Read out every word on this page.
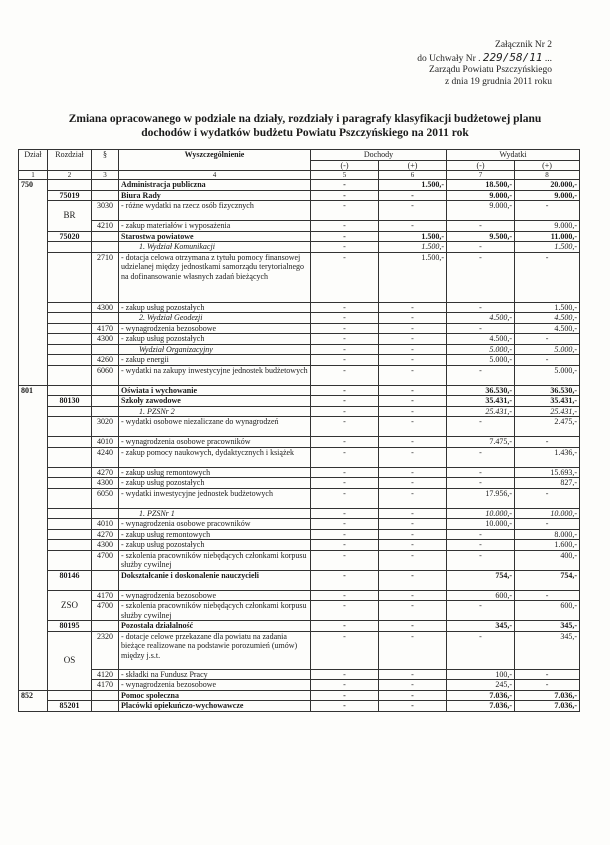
Załącznik Nr 2
do Uchwały Nr . 229/58/11 ...
Zarządu Powiatu Pszczyńskiego
z dnia 19 grudnia 2011 roku
Zmiana opracowanego w podziale na działy, rozdziały i paragrafy klasyfikacji budżetowej planu
dochodów i wydatków budżetu Powiatu Pszczyńskiego na 2011 rok
Dział	Rozdział	§	Wyszczególnienie	Dochody		Wydatki	
				(-)	(+)	(-)	(+)
1	2	3	4	5	6	7	8
750			Administracja publiczna	-	1.500,-	18.500,-	20.000,-
	75019		Biura Rady	-	-	9.000,-	9.000,-
	BR	3030	- różne wydatki na rzecz osób fizycznych	-	-	9.000,-	-
		4210	- zakup materiałów i wyposażenia	-	-	-	9.000,-
	75020		Starostwa powiatowe	-	1.500,-	9.500,-	11.000,-
			1. Wydział Komunikacji	-	1.500,-	-	1.500,-
		2710	- dotacja celowa otrzymana z tytułu pomocy finansowej udzielanej między jednostkami samorządu terytorialnego na dofinansowanie własnych zadań bieżących	-	1.500,-	-	-
		4300	- zakup usług pozostałych	-	-	-	1.500,-
			2. Wydział Geodezji	-	-	4.500,-	4.500,-
		4170	- wynagrodzenia bezosobowe	-	-	-	4.500,-
		4300	- zakup usług pozostałych	-	-	4.500,-	-
			Wydział Organizacyjny	-	-	5.000,-	5.000,-
		4260	- zakup energii	-	-	5.000,-	-
		6060	- wydatki na zakupy inwestycyjne jednostek budżetowych	-	-	-	5.000,-
801			Oświata i wychowanie	-	-	36.530,-	36.530,-
	80130		Szkoły zawodowe	-	-	35.431,-	35.431,-
			1. PZSNr 2	-	-	25.431,-	25.431,-
		3020	- wydatki osobowe niezaliczane do wynagrodzeń	-	-	-	2.475,-
		4010	- wynagrodzenia osobowe pracowników	-	-	7.475,-	-
		4240	- zakup pomocy naukowych, dydaktycznych i książek	-	-	-	1.436,-
		4270	- zakup usług remontowych	-	-	-	15.693,-
		4300	- zakup usług pozostałych	-	-	-	827,-
		6050	- wydatki inwestycyjne jednostek budżetowych	-	-	17.956,-	-
			1. PZSNr 1	-	-	10.000,-	10.000,-
		4010	- wynagrodzenia osobowe pracowników	-	-	10.000,-	-
		4270	- zakup usług remontowych	-	-	-	8.000,-
		4300	- zakup usług pozostałych	-	-	-	1.600,-
		4700	- szkolenia pracowników niebędących członkami korpusu służby cywilnej	-	-	-	400,-
	80146		Dokształcanie i doskonalenie nauczycieli	-	-	754,-	754,-
	ZSO	4170	- wynagrodzenia bezosobowe	-	-	600,-	-
		4700	- szkolenia pracowników niebędących członkami korpusu służby cywilnej	-	-	-	600,-
	80195		Pozostała działalność	-	-	345,-	345,-
	OS	2320	- dotacje celowe przekazane dla powiatu na zadania bieżące realizowane na podstawie porozumień (umów) między j.s.t.	-	-	-	345,-
		4120	- składki na Fundusz Pracy	-	-	100,-	-
		4170	- wynagrodzenia bezosobowe	-	-	245,-	-
852			Pomoc społeczna	-	-	7.036,-	7.036,-
	85201		Placówki opiekuńczo-wychowawcze	-	-	7.036,-	7.036,-
